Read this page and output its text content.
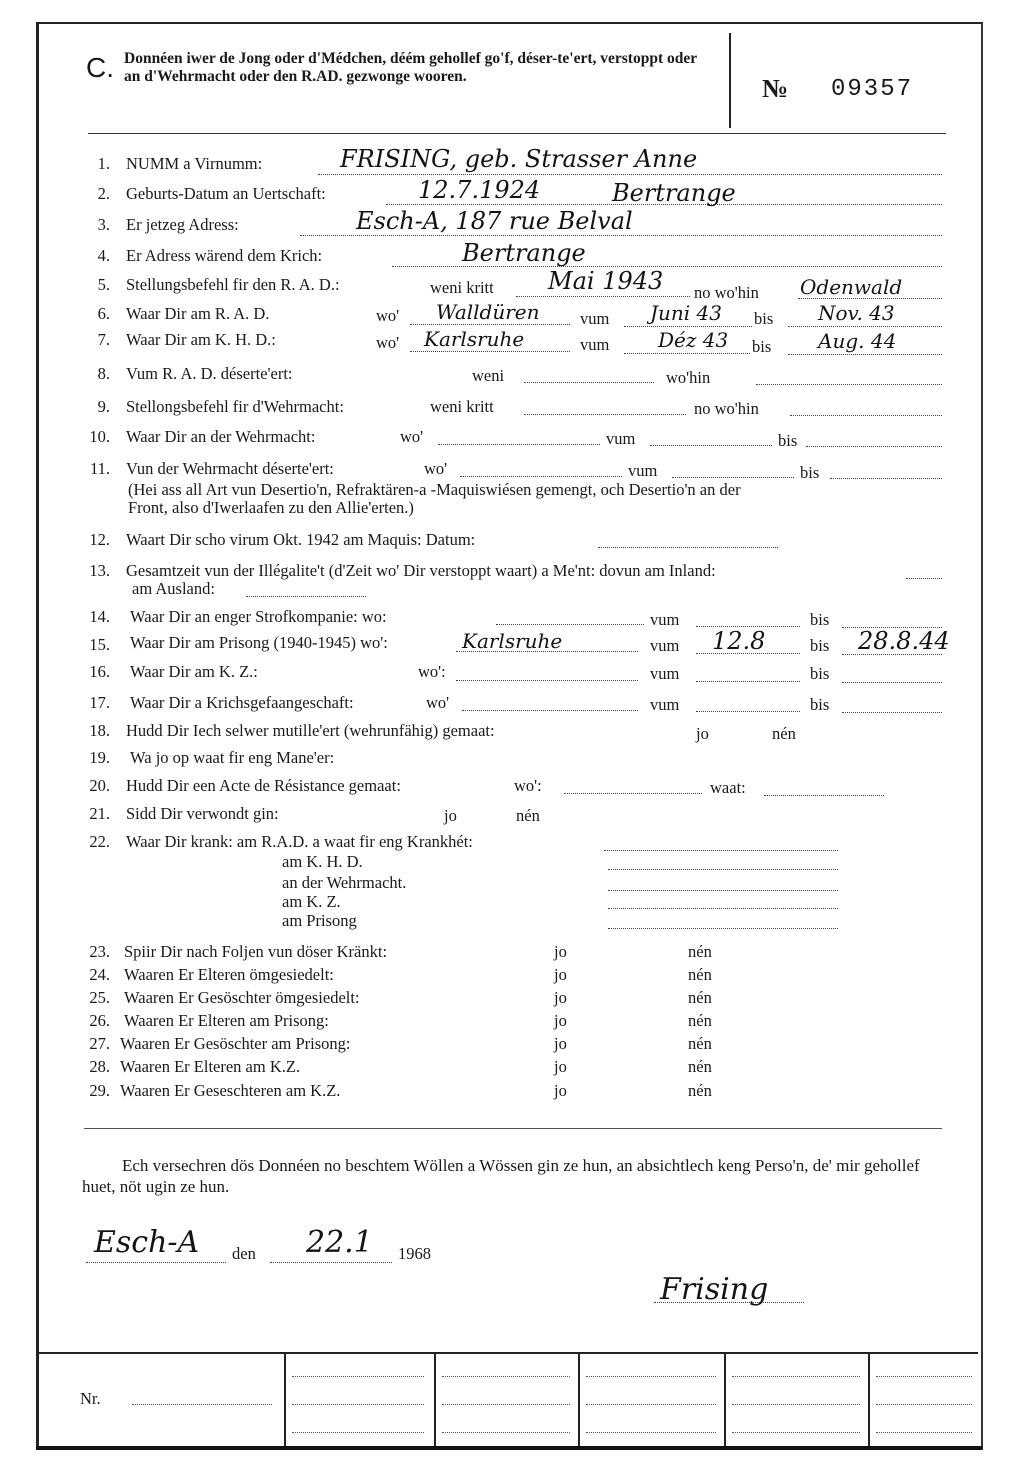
C. Donnéen iwer de Jong oder d'Médchen, déém gehollef go'f, déser-te'ert, verstoppt oder an d'Wehrmacht oder den R.AD. gezwonge wooren.	№ 09357
1. NUMM a Virnumm:	FRISING, geb. Strasser Anne
2. Geburts-Datum an Uertschaft:	12.7.1924	Bertrange
3. Er jetzeg Adress:	Esch-A, 187 rue Belval
4. Er Adress wärend dem Krich:	Bertrange
5. Stellungsbefehl fir den R. A. D.:	weni kritt Mai 1943 no wo'hin Odenwald
6. Waar Dir am R. A. D.	wo' Walldüren vum Juni 43 bis Nov. 43
7. Waar Dir am K. H. D.:	wo' Karlsruhe	vum Déz 43 bis Aug. 44
8. Vum R. A. D. déserte'ert:	weni	wo'hin
9. Stellongsbefehl fir d'Wehrmacht:	weni kritt	no wo'hin
10. Waar Dir an der Wehrmacht:	wo'	vum	bis
11. Vun der Wehrmacht déserte'ert:	wo'	vum	bis
(Hei ass all Art vun Desertio'n, Refraktären-a -Maquiswiésen gemengt, och Desertio'n an der
Front, also d'Iwerlaafen zu den Allie'erten.)
12. Waart Dir scho virum Okt. 1942 am Maquis: Datum:
13. Gesamtzeit vun der Illégalite't (d'Zeit wo' Dir verstoppt waart) a Me'nt: dovun am Inland:
am Ausland:
14. Waar Dir an enger Strofkompanie: wo:	vum	bis
15. Waar Dir am Prisong (1940-1945) wo':	Karlsruhe	vum 12.8	bis 28.8.44
16. Waar Dir am K. Z.:	wo':	vum	bis
17. Waar Dir a Krichsgefaangeschaft:	wo'	vum	bis
18. Hudd Dir Iech selwer mutille'ert (wehrunfähig) gemaat:	jo	nén
19. Wa jo op waat fir eng Mane'er:
20. Hudd Dir een Acte de Résistance gemaat:	wo':	waat:
21. Sidd Dir verwondt gin:	jo	nén
22. Waar Dir krank: am R.A.D. a waat fir eng Krankhét:
am K. H. D.
an der Wehrmacht.
am K. Z.
am Prisong
23. Spiir Dir nach Foljen vun döser Kränkt:	jo	nén
24. Waaren Er Elteren ömgesiedelt:	jo	nén
25. Waaren Er Gesöschter ömgesiedelt:	jo	nén
26. Waaren Er Elteren am Prisong:	jo	nén
27. Waaren Er Gesöschter am Prisong:	jo	nén
28. Waaren Er Elteren am K.Z.	jo	nén
29. Waaren Er Geseschteren am K.Z.	jo	nén
Ech versechren dös Donnéen no beschtem Wöllen a Wössen gin ze hun, an absichtlech keng Perso'n, de' mir gehollef huet, nöt ugin ze hun.
Esch-A den 22.1 1968
Frising
Nr.
